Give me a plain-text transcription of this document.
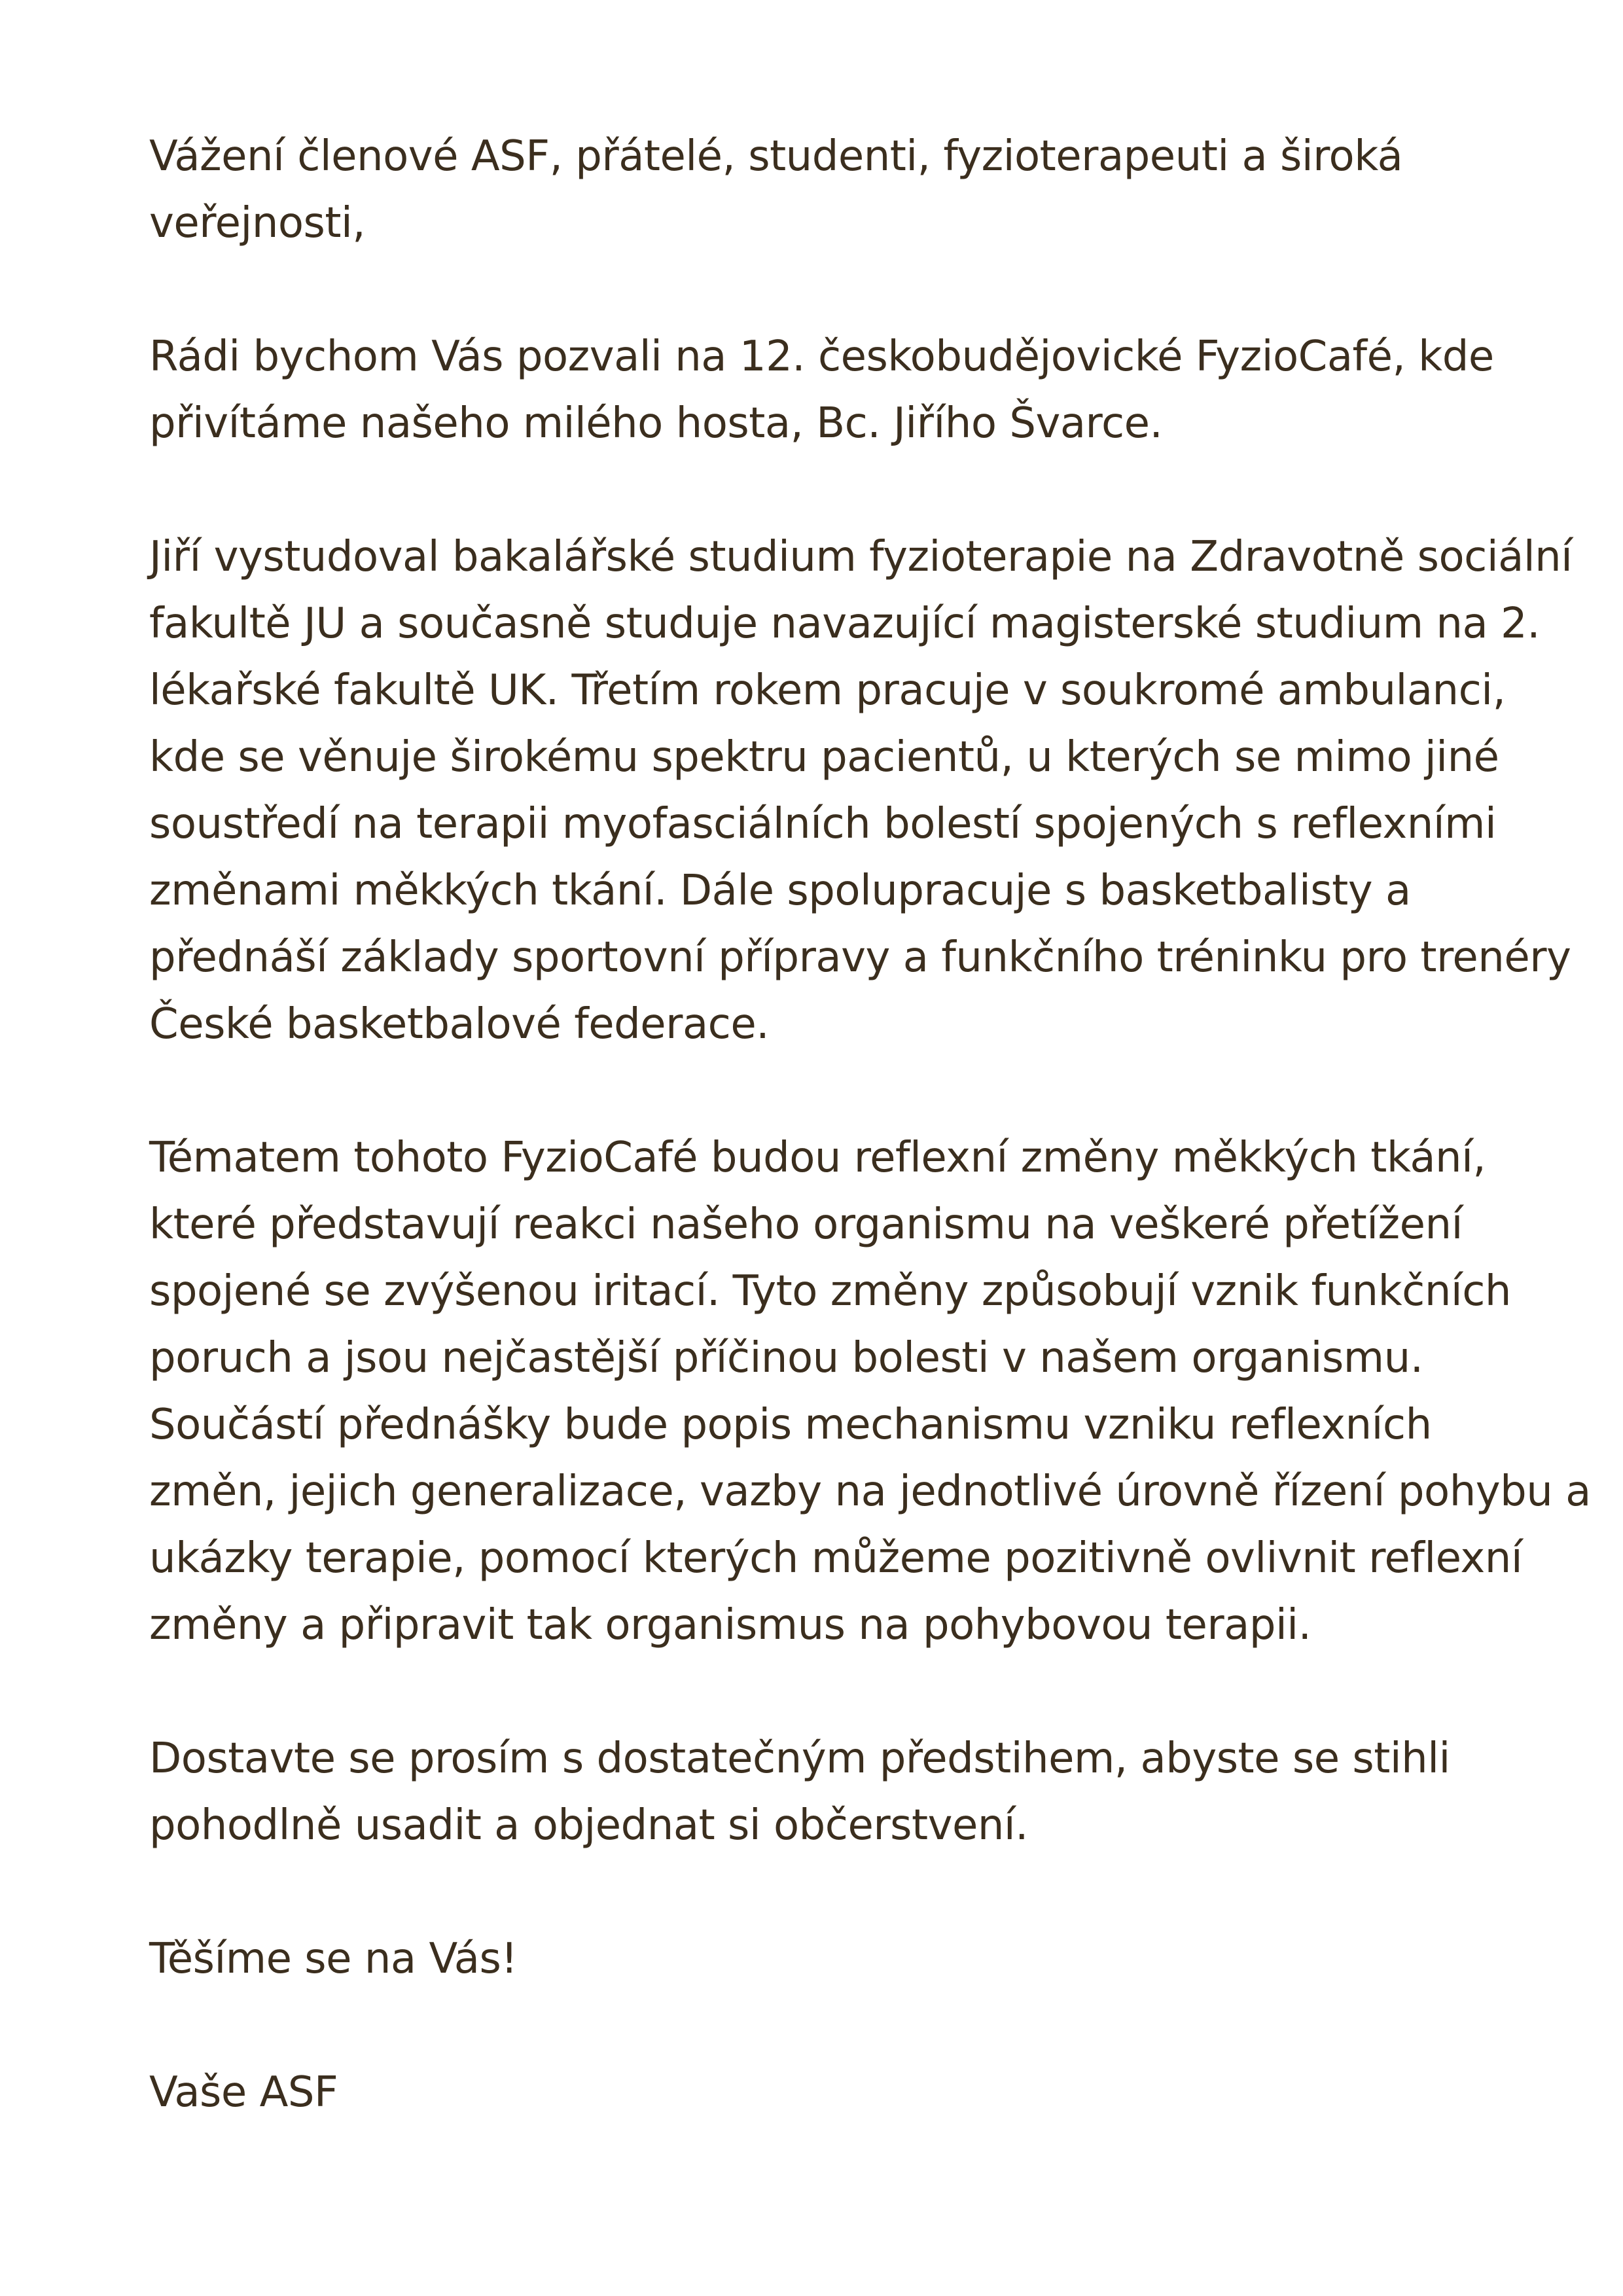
Vážení členové ASF, přátelé, studenti, fyzioterapeuti a široká
veřejnosti,

Rádi bychom Vás pozvali na 12. českobudějovické FyzioCafé, kde
přivítáme našeho milého hosta, Bc. Jiřího Švarce.

Jiří vystudoval bakalářské studium fyzioterapie na Zdravotně sociální
fakultě JU a současně studuje navazující magisterské studium na 2.
lékařské fakultě UK. Třetím rokem pracuje v soukromé ambulanci,
kde se věnuje širokému spektru pacientů, u kterých se mimo jiné
soustředí na terapii myofasciálních bolestí spojených s reflexními
změnami měkkých tkání. Dále spolupracuje s basketbalisty a
přednáší základy sportovní přípravy a funkčního tréninku pro trenéry
České basketbalové federace.

Tématem tohoto FyzioCafé budou reflexní změny měkkých tkání,
které představují reakci našeho organismu na veškeré přetížení
spojené se zvýšenou iritací. Tyto změny způsobují vznik funkčních
poruch a jsou nejčastější příčinou bolesti v našem organismu.
Součástí přednášky bude popis mechanismu vzniku reflexních
změn, jejich generalizace, vazby na jednotlivé úrovně řízení pohybu a
ukázky terapie, pomocí kterých můžeme pozitivně ovlivnit reflexní
změny a připravit tak organismus na pohybovou terapii.

Dostavte se prosím s dostatečným předstihem, abyste se stihli
pohodlně usadit a objednat si občerstvení.

Těšíme se na Vás!

Vaše ASF
